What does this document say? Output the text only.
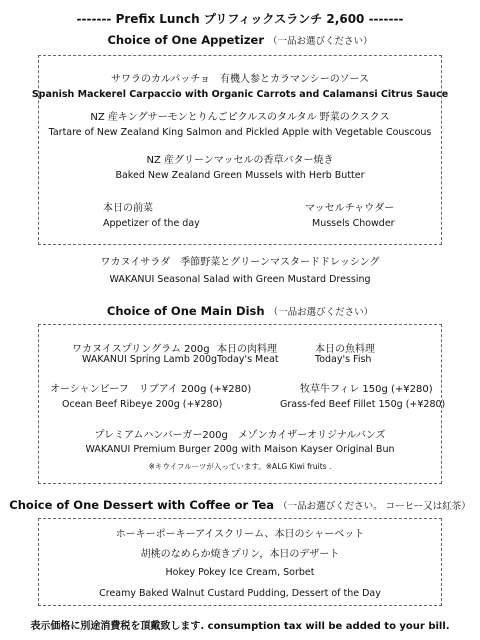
------- Prefix Lunch プリフィックスランチ 2,600 -------
Choice of One Appetizer （一品お選びください）
サワラのカルパッチョ　有機人参とカラマンシーのソース
Spanish Mackerel Carpaccio with Organic Carrots and Calamansi Citrus Sauce
NZ 産キングサーモンとりんごピクルスのタルタル 野菜のクスクス
Tartare of New Zealand King Salmon and Pickled Apple with Vegetable Couscous
NZ 産グリーンマッセルの香草バター焼き
Baked New Zealand Green Mussels with Herb Butter
本日の前菜
Appetizer of the day
マッセルチャウダー
Mussels Chowder
ワカヌイサラダ　季節野菜とグリーンマスタードドレッシング
WAKANUI Seasonal Salad with Green Mustard Dressing
Choice of One Main Dish （一品お選びください）
ワカヌイスプリングラム 200g
WAKANUI Spring Lamb 200g
本日の肉料理
Today's Meat
本日の魚料理
Today's Fish
オーシャンビーフ　リブアイ 200g (+¥280)
Ocean Beef Ribeye 200g (+¥280)
牧草牛フィレ 150g (+¥280)
Grass-fed Beef Fillet 150g (+¥280)
プレミアムハンバーガー200g　メゾンカイザーオリジナルバンズ
WAKANUI Premium Burger 200g with Maison Kayser Original Bun
※キウイフルーツが入っています。※ALG Kiwi fruits .
Choice of One Dessert with Coffee or Tea （一品お選びください。 コーヒー又は紅茶）
ホーキーポーキーアイスクリーム、本日のシャーベット
胡桃のなめらか焼きプリン，本日のデザート
Hokey Pokey Ice Cream, Sorbet
Creamy Baked Walnut Custard Pudding, Dessert of the Day
表示価格に別途消費税を頂戴致します. consumption tax will be added to your bill.
